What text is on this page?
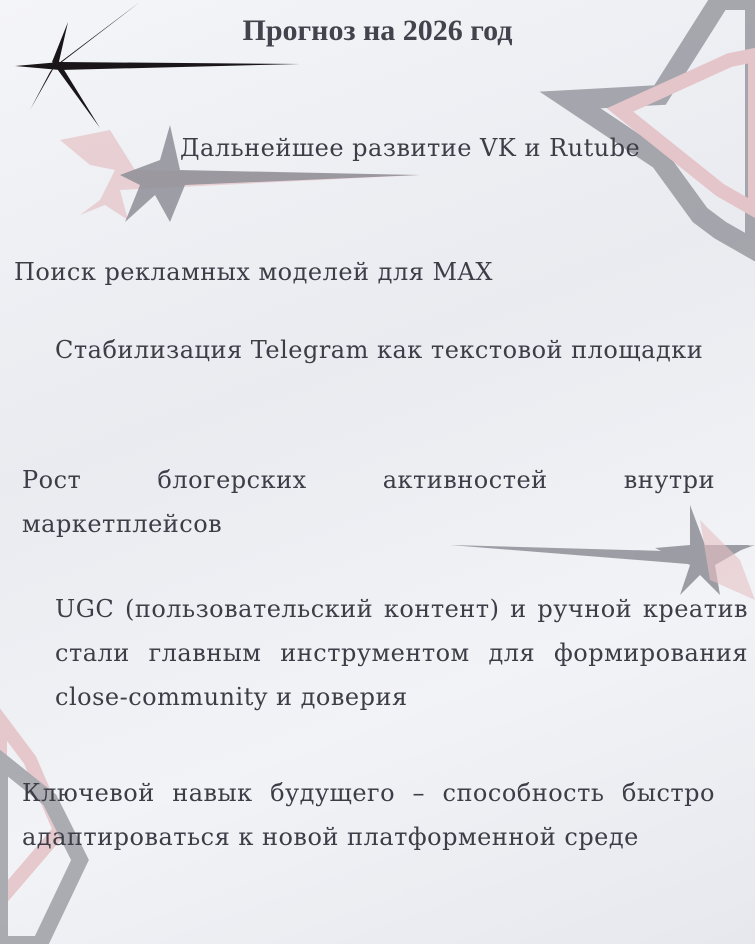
Прогноз на 2026 год
Дальнейшее развитие VK и Rutube
Поиск рекламных моделей для MAX
Стабилизация Telegram как текстовой площадки
Рост блогерских активностей внутри маркетплейсов
UGC (пользовательский контент) и ручной креатив стали главным инструментом для формирования close-community и доверия
Ключевой навык будущего – способность быстро адаптироваться к новой платформенной среде
